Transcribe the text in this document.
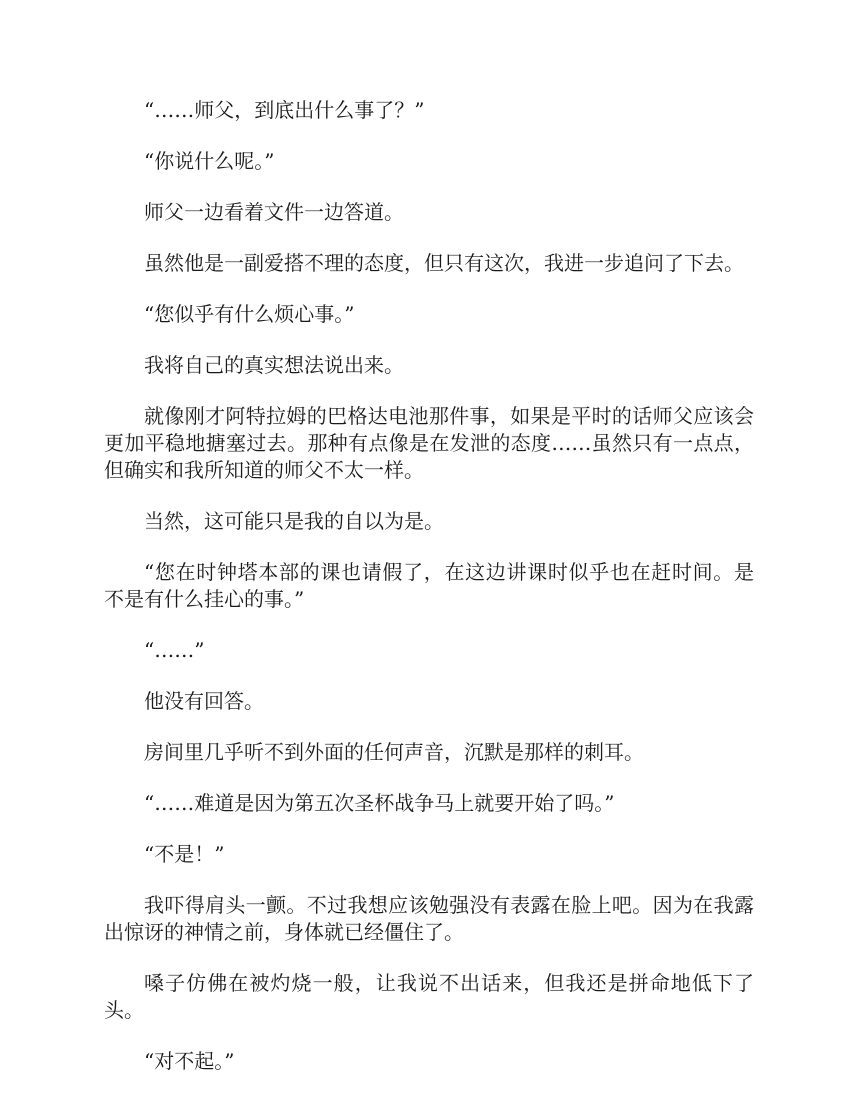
“……师父，到底出什么事了？”

“你说什么呢。”

师父一边看着文件一边答道。

虽然他是一副爱搭不理的态度，但只有这次，我进一步追问了下去。

“您似乎有什么烦心事。”

我将自己的真实想法说出来。

就像刚才阿特拉姆的巴格达电池那件事，如果是平时的话师父应该会更加平稳地搪塞过去。那种有点像是在发泄的态度……虽然只有一点点，但确实和我所知道的师父不太一样。

当然，这可能只是我的自以为是。

“您在时钟塔本部的课也请假了，在这边讲课时似乎也在赶时间。是不是有什么挂心的事。”

“……”

他没有回答。

房间里几乎听不到外面的任何声音，沉默是那样的刺耳。

“……难道是因为第五次圣杯战争马上就要开始了吗。”

“不是！”

我吓得肩头一颤。不过我想应该勉强没有表露在脸上吧。因为在我露出惊讶的神情之前，身体就已经僵住了。

嗓子仿佛在被灼烧一般，让我说不出话来，但我还是拼命地低下了头。

“对不起。”
